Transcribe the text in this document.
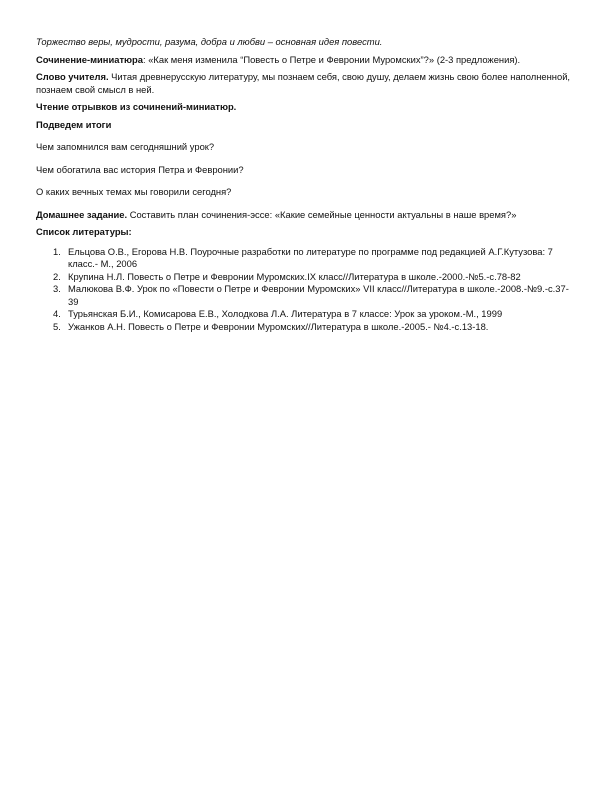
Торжество веры, мудрости, разума, добра и любви – основная идея повести.

Сочинение-миниатюра: «Как меня изменила “Повесть о Петре и Февронии Муромских”?» (2-3 предложения).

Слово учителя. Читая древнерусскую литературу, мы познаем себя, свою душу, делаем жизнь свою более наполненной, познаем свой смысл в ней.

Чтение отрывков из сочинений-миниатюр.

Подведем итоги

Чем запомнился вам сегодняшний урок?

Чем обогатила вас история Петра и Февронии?

О каких вечных темах мы говорили сегодня?

Домашнее задание. Составить план сочинения-эссе: «Какие семейные ценности актуальны в наше время?»

Список литературы:

1. Ельцова О.В., Егорова Н.В. Поурочные разработки по литературе по программе под редакцией А.Г.Кутузова: 7 класс.- М., 2006
2. Крупина Н.Л. Повесть о Петре и Февронии Муромских.IX класс//Литература в школе.-2000.-№5.-с.78-82
3. Малюкова В.Ф. Урок по «Повести о Петре и Февронии Муромских» VII класс//Литература в школе.-2008.-№9.-с.37-39
4. Турьянская Б.И., Комисарова Е.В., Холодкова Л.А. Литература в 7 классе: Урок за уроком.-М., 1999
5. Ужанков А.Н. Повесть о Петре и Февронии Муромских//Литература в школе.-2005.- №4.-с.13-18.
